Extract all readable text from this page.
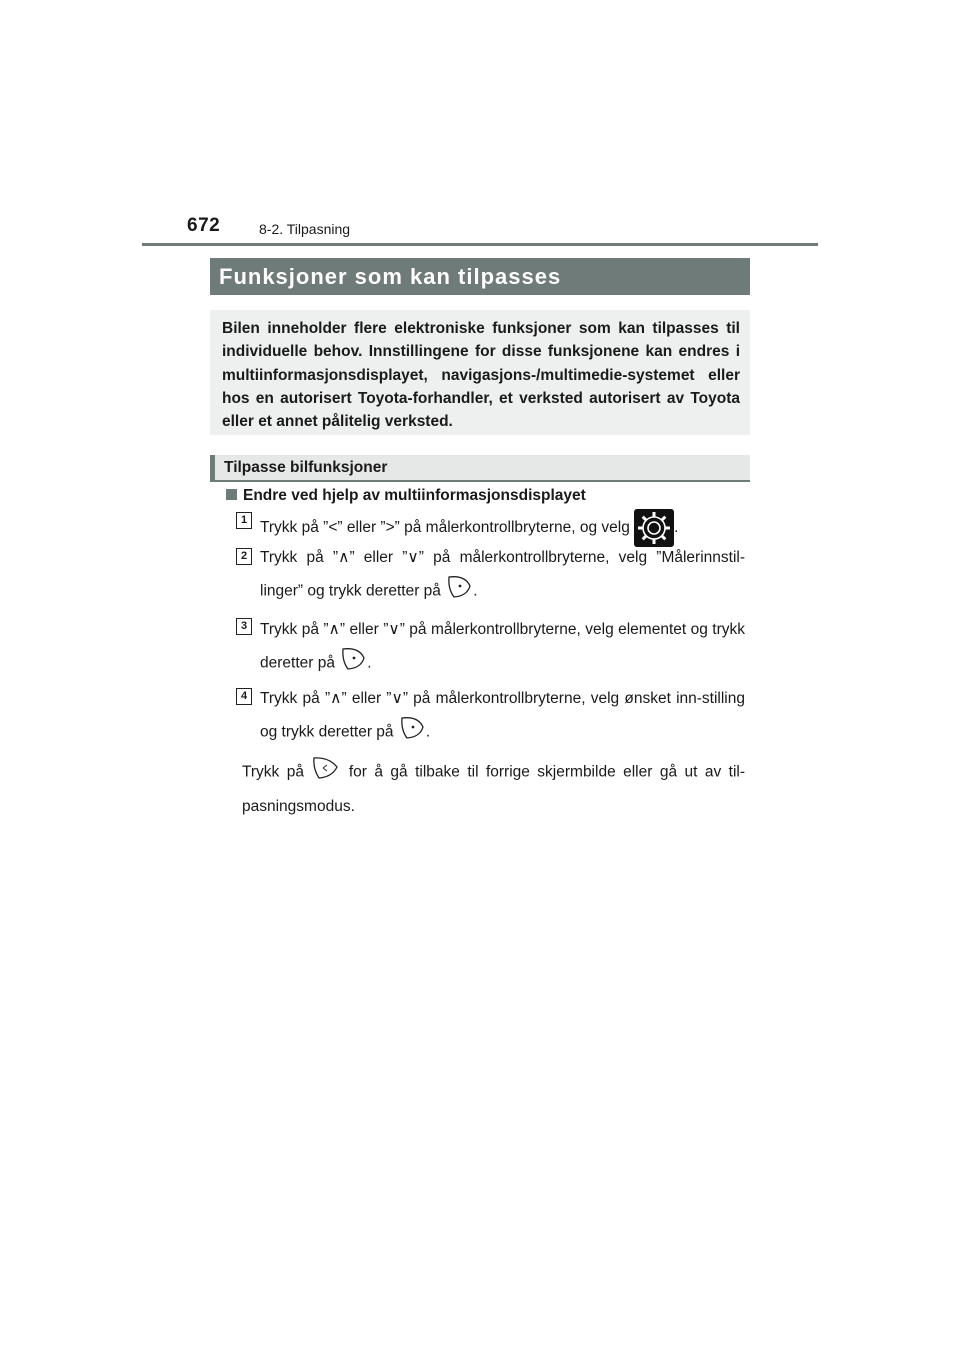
672	8-2. Tilpasning
Funksjoner som kan tilpasses
Bilen inneholder flere elektroniske funksjoner som kan tilpasses til individuelle behov. Innstillingene for disse funksjonene kan endres i multiinformasjonsdisplayet, navigasjons-/multimedie-systemet eller hos en autorisert Toyota-forhandler, et verksted autorisert av Toyota eller et annet pålitelig verksted.
Tilpasse bilfunksjoner
Endre ved hjelp av multiinformasjonsdisplayet
1 Trykk på ”<” eller ”>” på målerkontrollbryterne, og velg	.
2 Trykk på ”∧” eller ”∨” på målerkontrollbryterne, velg ”Målerinnstil-linger” og trykk deretter på .
3 Trykk på ”∧” eller ”∨” på målerkontrollbryterne, velg elementet og trykk deretter på .
4 Trykk på ”∧” eller ”∨” på målerkontrollbryterne, velg ønsket inn-stilling og trykk deretter på .
Trykk på	for å gå tilbake til forrige skjermbilde eller gå ut av til-pasningsmodus.
